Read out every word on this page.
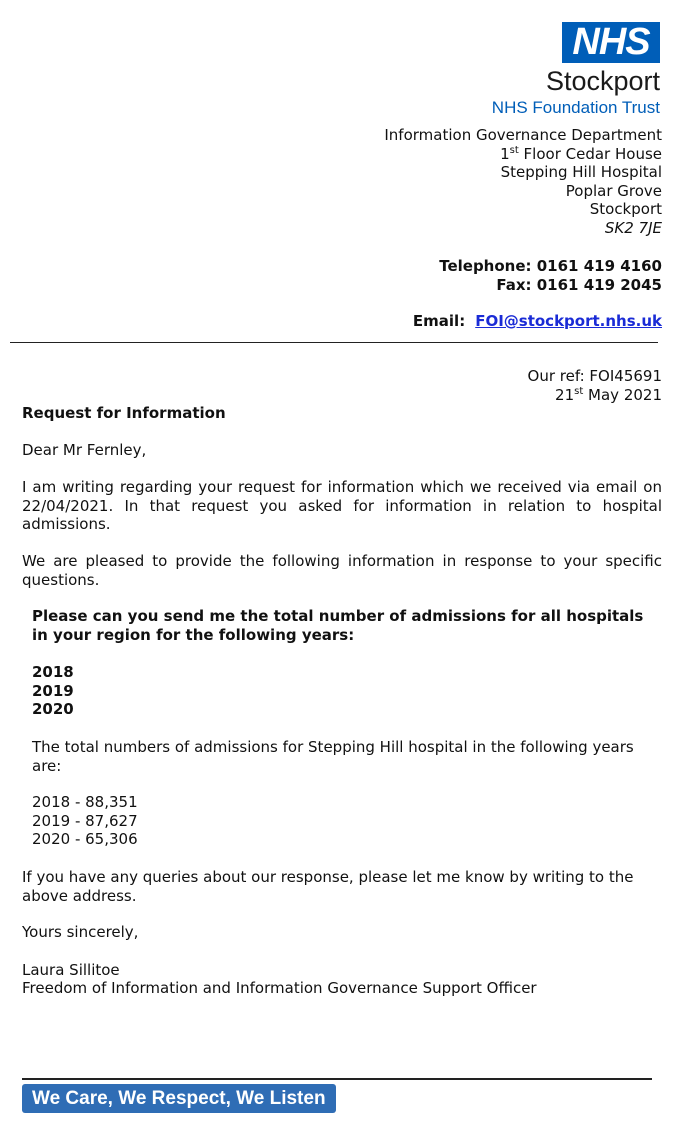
NHS
Stockport
NHS Foundation Trust
Information Governance Department
1st Floor Cedar House
Stepping Hill Hospital
Poplar Grove
Stockport
SK2 7JE
Telephone: 0161 419 4160
Fax: 0161 419 2045
Email: FOI@stockport.nhs.uk
Our ref: FOI45691
21st May 2021
Request for Information
Dear Mr Fernley,
I am writing regarding your request for information which we received via email on 22/04/2021. In that request you asked for information in relation to hospital admissions.
We are pleased to provide the following information in response to your specific questions.
Please can you send me the total number of admissions for all hospitals in your region for the following years:
2018
2019
2020
The total numbers of admissions for Stepping Hill hospital in the following years are:
2018 - 88,351
2019 - 87,627
2020 - 65,306
If you have any queries about our response, please let me know by writing to the above address.
Yours sincerely,
Laura Sillitoe
Freedom of Information and Information Governance Support Officer
We Care, We Respect, We Listen
